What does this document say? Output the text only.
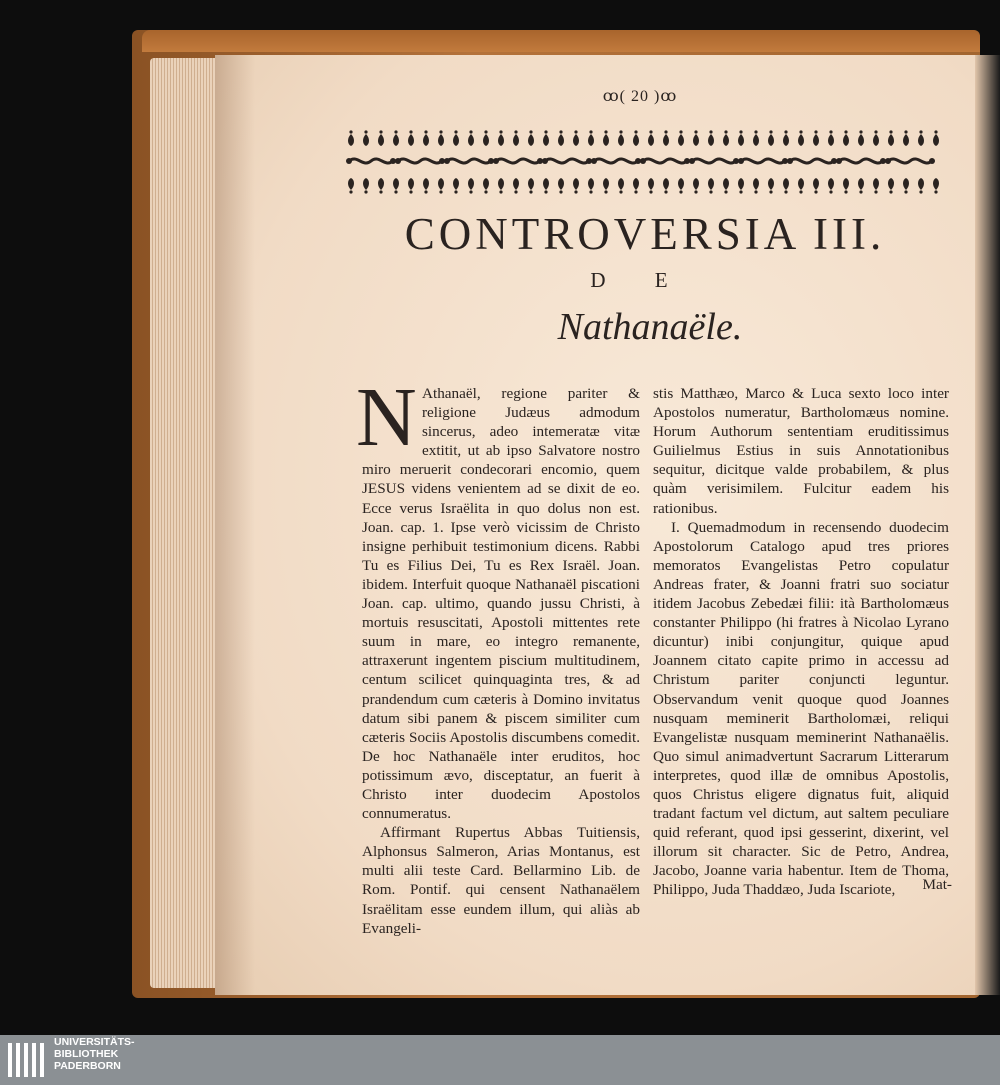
ꝏ( 20 )ꝏ
CONTROVERSIA III.
D E
Nathanaële.
N Athanaël, regione pariter & religione Judæus admodum sincerus, adeo intemeratæ vitæ extitit, ut ab ipso Salvatore nostro miro meruerit condecorari encomio, quem JESUS videns venientem ad se dixit de eo. Ecce verus Israëlita in quo dolus non est. Joan. cap. 1. Ipse verò vicissim de Christo insigne perhibuit testimonium dicens. Rabbi Tu es Filius Dei, Tu es Rex Israël. Joan. ibidem. Interfuit quoque Nathanaël piscationi Joan. cap. ultimo, quando jussu Christi, à mortuis resuscitati, Apostoli mittentes rete suum in mare, eo integro remanente, attraxerunt ingentem piscium multitudinem, centum scilicet quinquaginta tres, & ad prandendum cum cæteris à Domino invitatus datum sibi panem & piscem similiter cum cæteris Sociis Apostolis discumbens comedit. De hoc Nathanaële inter eruditos, hoc potissimum ævo, disceptatur, an fuerit à Christo inter duodecim Apostolos connumeratus.

Affirmant Rupertus Abbas Tuitiensis, Alphonsus Salmeron, Arias Montanus, est multi alii teste Card. Bellarmino Lib. de Rom. Pontif. qui censent Nathanaëlem Israëlitam esse eundem illum, qui aliàs ab Evangeli-

stis Matthæo, Marco & Luca sexto loco inter Apostolos numeratur, Bartholomæus nomine. Horum Authorum sententiam eruditissimus Guilielmus Estius in suis Annotationibus sequitur, dicitque valde probabilem, & plus quàm verisimilem. Fulcitur eadem his rationibus.

I. Quemadmodum in recensendo duodecim Apostolorum Catalogo apud tres priores memoratos Evangelistas Petro copulatur Andreas frater, & Joanni fratri suo sociatur itidem Jacobus Zebedæi filii: ità Bartholomæus constanter Philippo (hi fratres à Nicolao Lyrano dicuntur) inibi conjungitur, quique apud Joannem citato capite primo in accessu ad Christum pariter conjuncti leguntur. Observandum venit quoque quod Joannes nusquam meminerit Bartholomæi, reliqui Evangelistæ nusquam meminerint Nathanaëlis. Quo simul animadvertunt Sacrarum Litterarum interpretes, quod illæ de omnibus Apostolis, quos Christus eligere dignatus fuit, aliquid tradant factum vel dictum, aut saltem peculiare quid referant, quod ipsi gesserint, dixerint, vel illorum sit character. Sic de Petro, Andrea, Jacobo, Joanne varia habentur. Item de Thoma, Philippo, Juda Thaddæo, Juda Iscariote,	Mat-
UNIVERSITÄTS-
BIBLIOTHEK
PADERBORN
